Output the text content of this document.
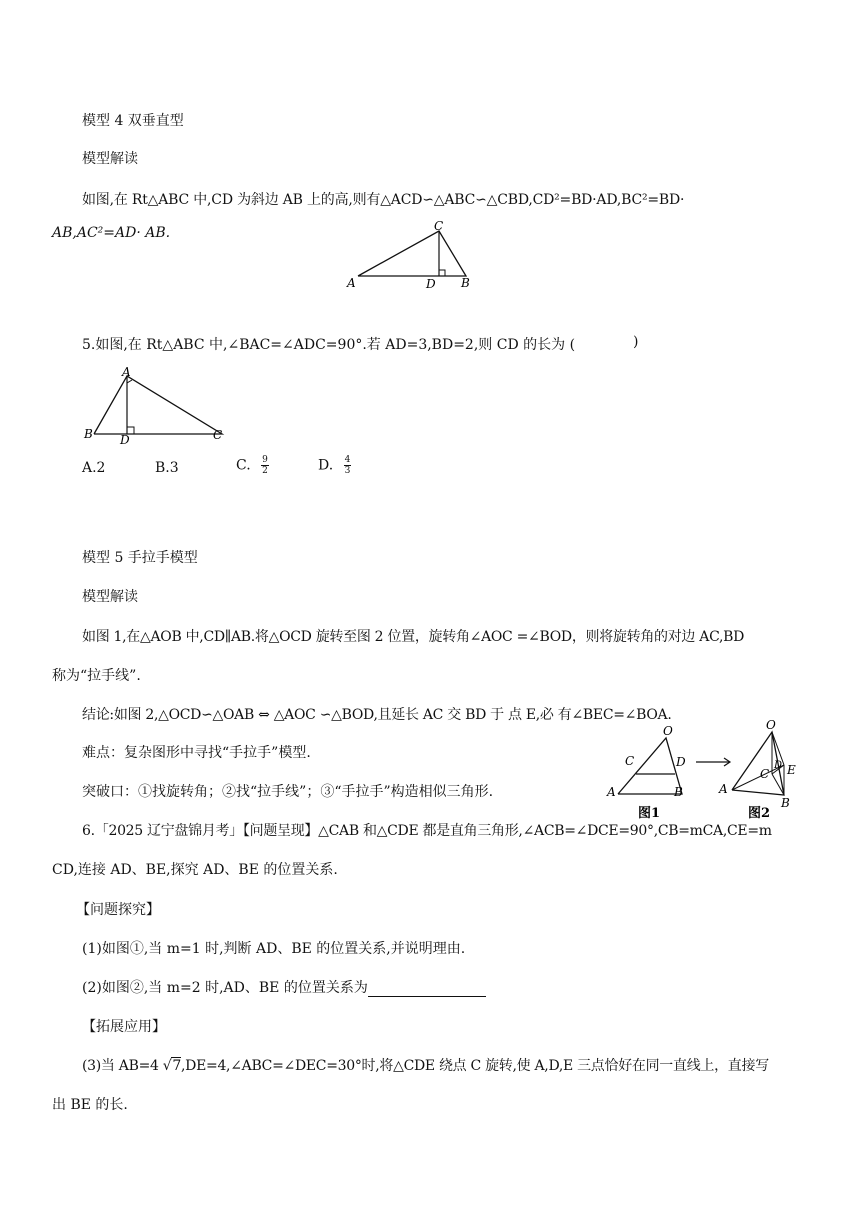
模型 4 双垂直型
模型解读
如图,在 Rt△ABC 中,CD 为斜边 AB 上的高,则有△ACD∽△ABC∽△CBD,CD²=BD·AD,BC²=BD·
AB,AC²=AD· AB.	C
A	D B
5.如图,在 Rt△ABC 中,∠BAC=∠ADC=90°.若 AD=3,BD=2,则 CD 的长为 (	)
A
B D	C
A.2	B.3	C. $\frac{9}{2}$	D. $\frac{4}{3}$
模型 5 手拉手模型
模型解读
如图 1,在△AOB 中,CD∥AB.将△OCD 旋转至图 2 位置，旋转角∠AOC =∠BOD，则将旋转角的对边 AC,BD
称为“拉手线”.
结论:如图 2,△OCD∽△OAB ⇔ △AOC ∽△BOD,且延长 AC 交 BD 于 点 E,必 有∠BEC=∠BOA.
难点：复杂图形中寻找“手拉手”模型.
突破口：①找旋转角；②找“拉手线”；③“手拉手”构造相似三角形.
O
C	D
A	B
O
C
D E
A
B
图1	图2
6.「2025 辽宁盘锦月考」【问题呈现】△CAB 和△CDE 都是直角三角形,∠ACB=∠DCE=90°,CB=mCA,CE=m
CD,连接 AD、BE,探究 AD、BE 的位置关系.
【问题探究】
(1)如图①,当 m=1 时,判断 AD、BE 的位置关系,并说明理由.
(2)如图②,当 m=2 时,AD、BE 的位置关系为
【拓展应用】
(3)当 AB=4 √7,DE=4,∠ABC=∠DEC=30°时,将△CDE 绕点 C 旋转,使 A,D,E 三点恰好在同一直线上，直接写
出 BE 的长.
